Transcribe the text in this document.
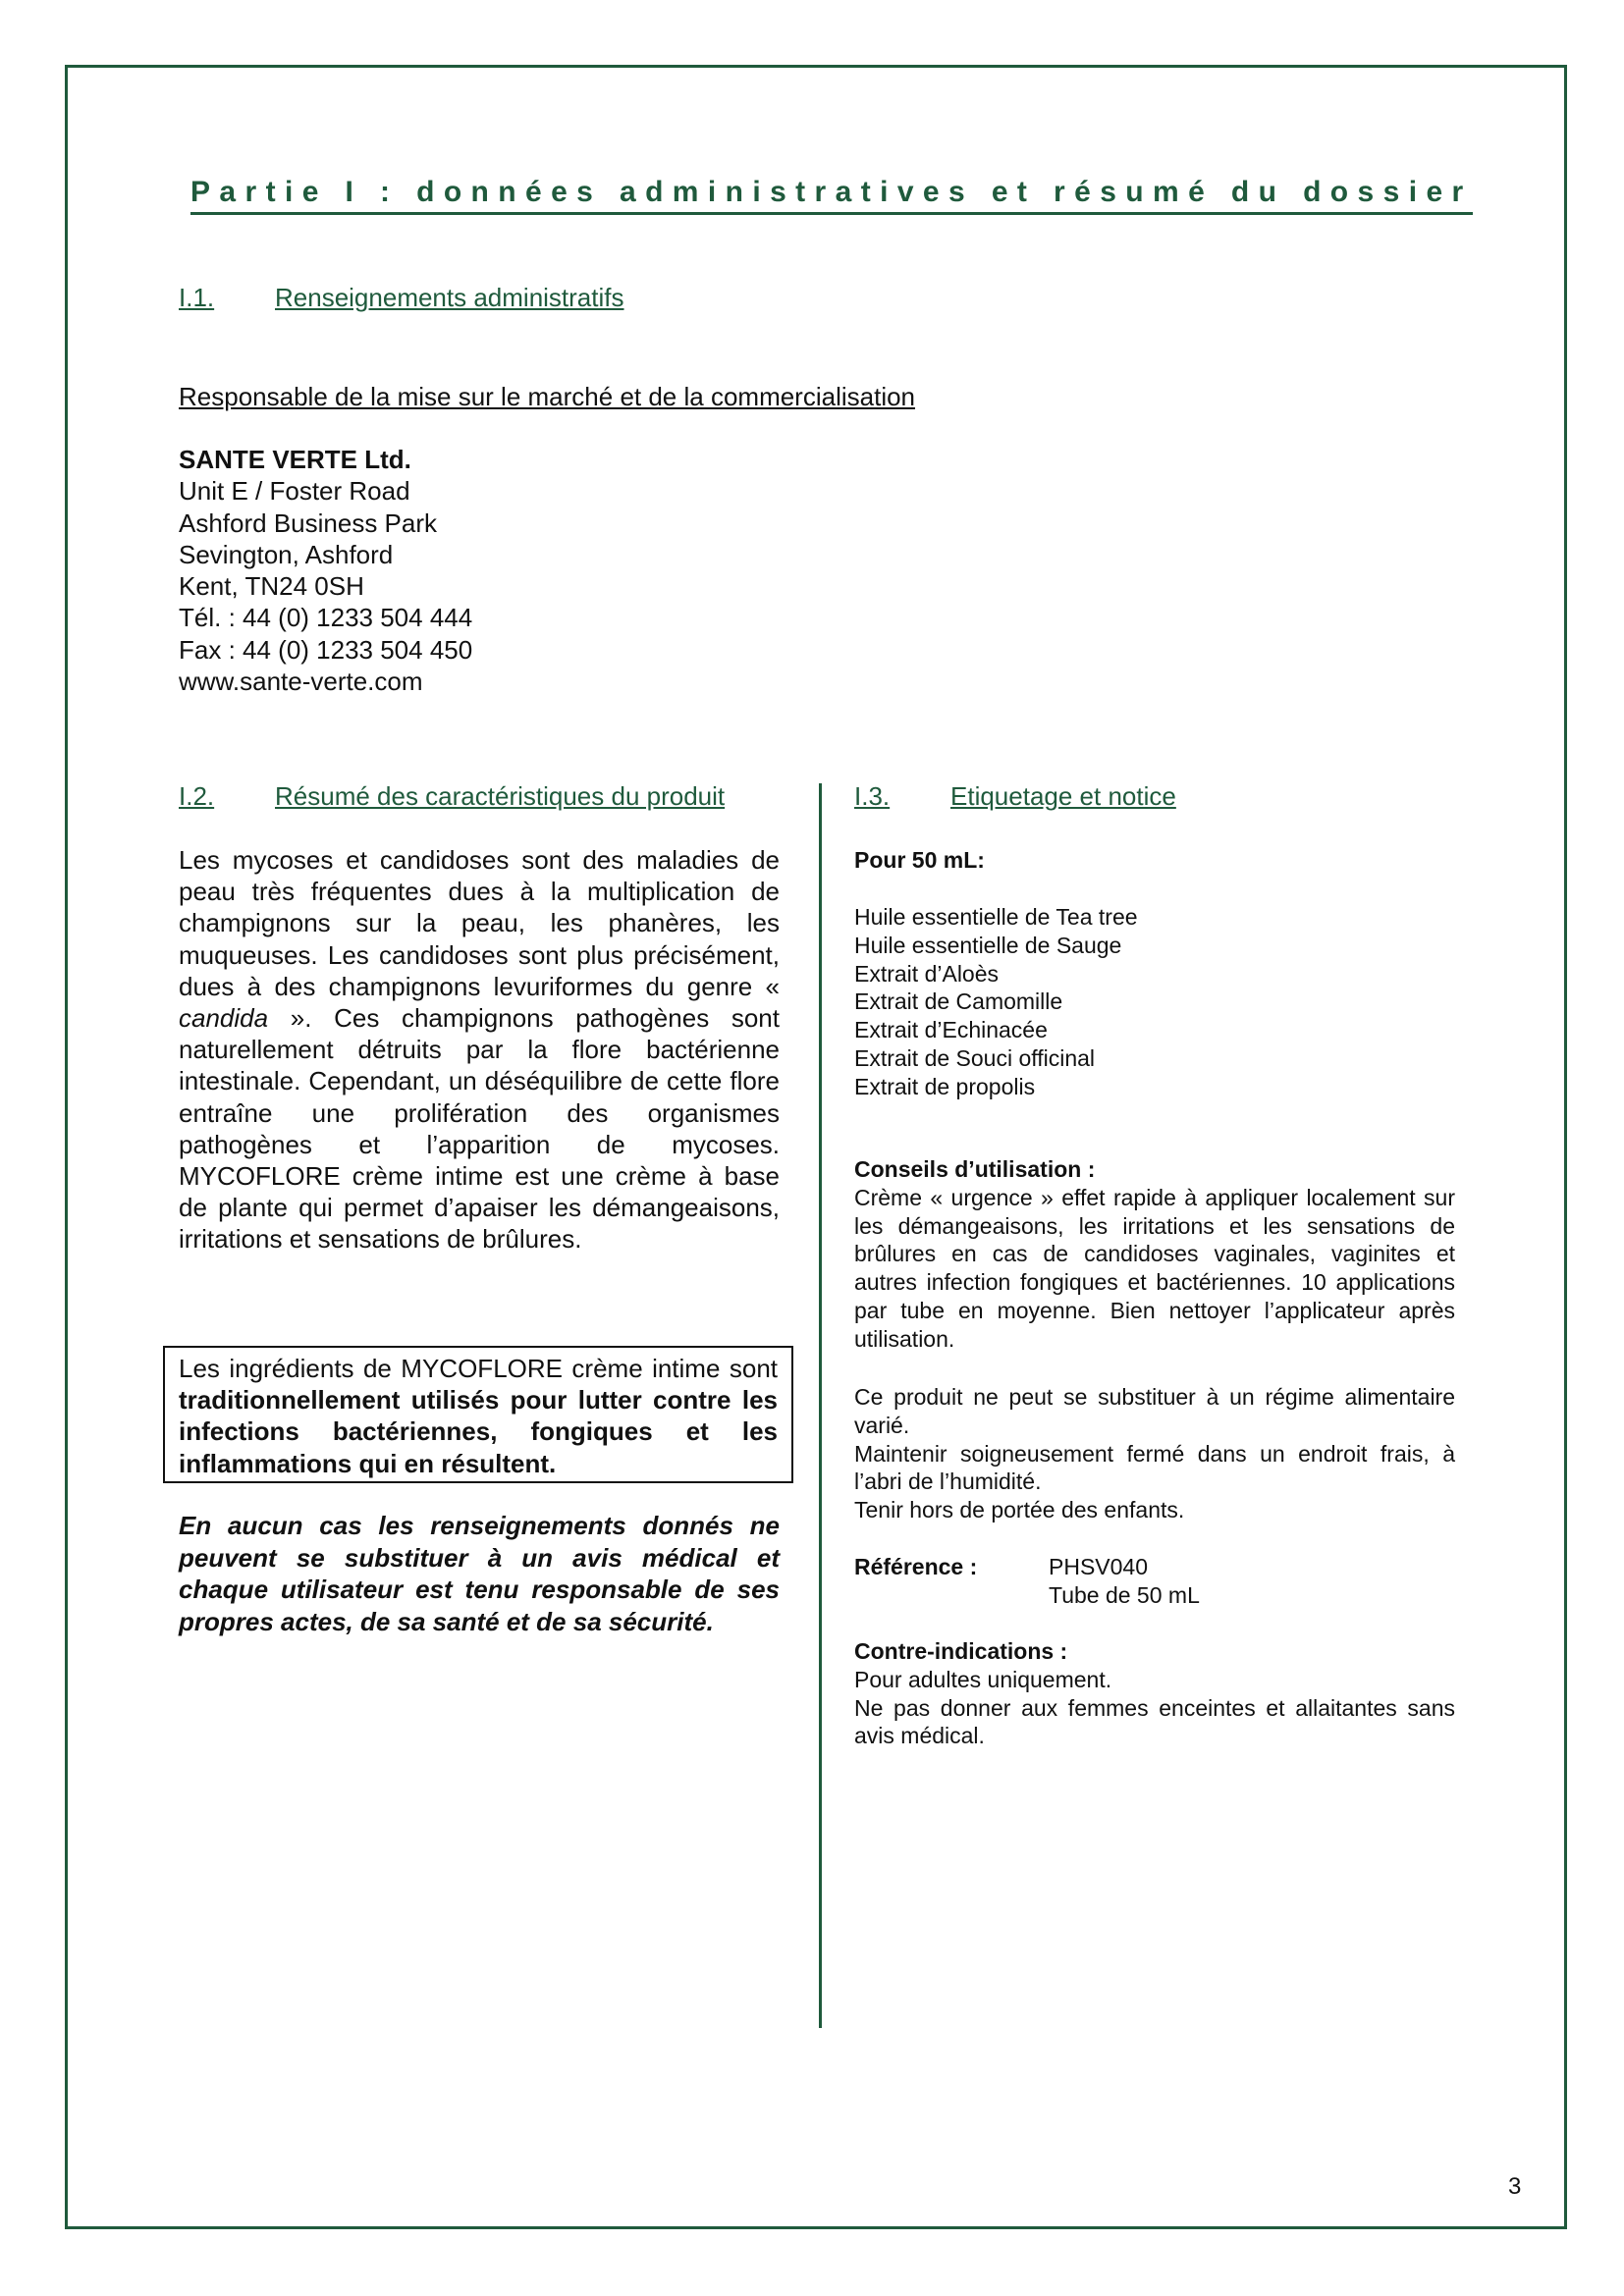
Partie I : données administratives et résumé du dossier
I.1. Renseignements administratifs
Responsable de la mise sur le marché et de la commercialisation
SANTE VERTE Ltd.
Unit E / Foster Road
Ashford Business Park
Sevington, Ashford
Kent, TN24 0SH
Tél. : 44 (0) 1233 504 444
Fax : 44 (0) 1233 504 450
www.sante-verte.com
I.2. Résumé des caractéristiques du produit
Les mycoses et candidoses sont des maladies de peau très fréquentes dues à la multiplication de champignons sur la peau, les phanères, les muqueuses. Les candidoses sont plus précisément, dues à des champignons levuriformes du genre « candida ». Ces champignons pathogènes sont naturellement détruits par la flore bactérienne intestinale. Cependant, un déséquilibre de cette flore entraîne une prolifération des organismes pathogènes et l’apparition de mycoses. MYCOFLORE crème intime est une crème à base de plante qui permet d’apaiser les démangeaisons, irritations et sensations de brûlures.
Les ingrédients de MYCOFLORE crème intime sont traditionnellement utilisés pour lutter contre les infections bactériennes, fongiques et les inflammations qui en résultent.
En aucun cas les renseignements donnés ne peuvent se substituer à un avis médical et chaque utilisateur est tenu responsable de ses propres actes, de sa santé et de sa sécurité.
I.3. Etiquetage et notice

Pour 50 mL:

Huile essentielle de Tea tree

Huile essentielle de Sauge

Extrait d’Aloès

Extrait de Camomille

Extrait d’Echinacée

Extrait de Souci officinal

Extrait de propolis

Conseils d’utilisation :

Crème « urgence » effet rapide à appliquer localement sur les démangeaisons, les irritations et les sensations de brûlures en cas de candidoses vaginales, vaginites et autres infection fongiques et bactériennes. 10 applications par tube en moyenne. Bien nettoyer l’applicateur après utilisation.

Ce produit ne peut se substituer à un régime alimentaire varié.

Maintenir soigneusement fermé dans un endroit frais, à l’abri de l’humidité.

Tenir hors de portée des enfants.

Référence :	PHSV040
Tube de 50 mL

Contre-indications :

Pour adultes uniquement.

Ne pas donner aux femmes enceintes et allaitantes sans avis médical.

3
